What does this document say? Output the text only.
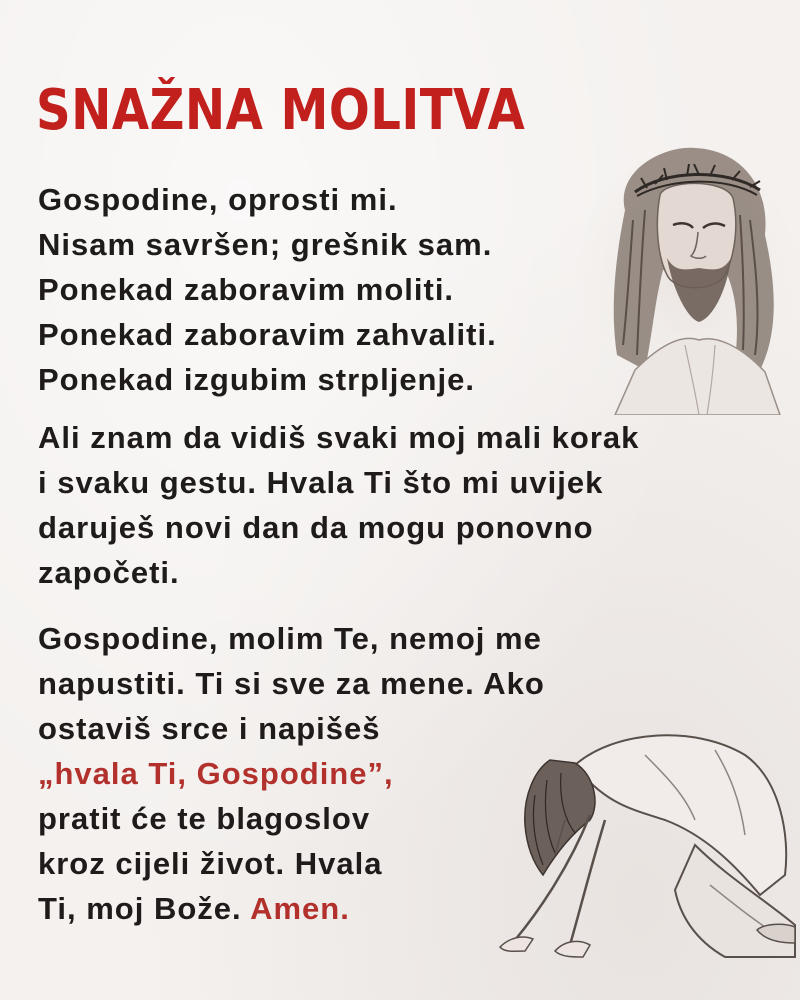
SNAŽNA MOLITVA
Gospodine, oprosti mi.
Nisam savršen; grešnik sam.
Ponekad zaboravim moliti.
Ponekad zaboravim zahvaliti.
Ponekad izgubim strpljenje.
Ali znam da vidiš svaki moj mali korak
i svaku gestu. Hvala Ti što mi uvijek
daruješ novi dan da mogu ponovno
započeti.
Gospodine, molim Te, nemoj me
napustiti. Ti si sve za mene. Ako
ostaviš srce i napišeš
„hvala Ti, Gospodine”,
pratit će te blagoslov
kroz cijeli život. Hvala
Ti, moj Bože. Amen.
